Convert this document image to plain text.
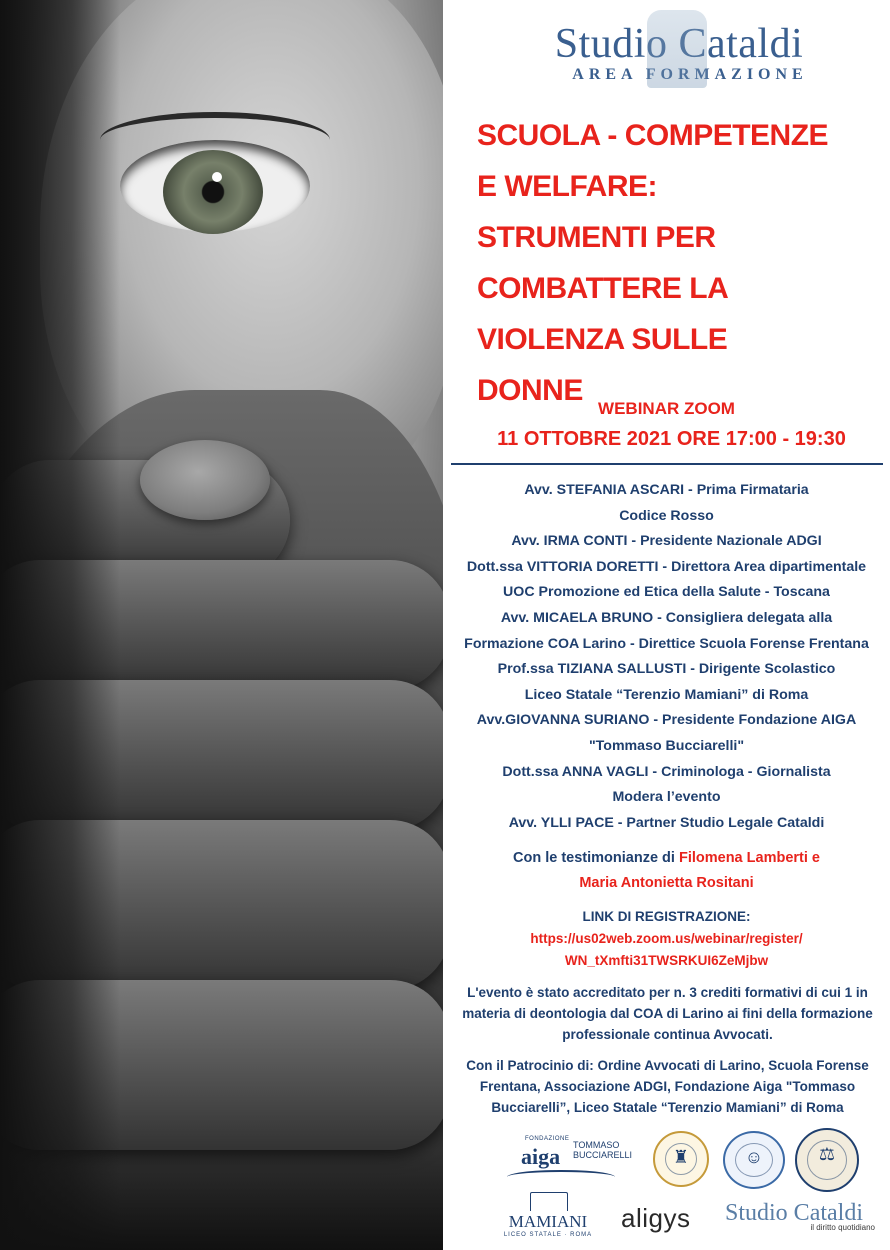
Studio Cataldi
AREA FORMAZIONE
SCUOLA - COMPETENZE
E WELFARE:
STRUMENTI PER
COMBATTERE LA
VIOLENZA SULLE
DONNE
WEBINAR ZOOM
11 OTTOBRE 2021 ORE 17:00 - 19:30
Avv. STEFANIA ASCARI - Prima Firmataria
Codice Rosso
Avv. IRMA CONTI - Presidente Nazionale ADGI
Dott.ssa VITTORIA DORETTI - Direttora Area dipartimentale
UOC Promozione ed Etica della Salute - Toscana
Avv. MICAELA BRUNO - Consigliera delegata alla
Formazione COA Larino - Direttice Scuola Forense Frentana
Prof.ssa TIZIANA SALLUSTI - Dirigente Scolastico
Liceo Statale “Terenzio Mamiani” di Roma
Avv.GIOVANNA SURIANO - Presidente Fondazione AIGA
"Tommaso Bucciarelli"
Dott.ssa ANNA VAGLI - Criminologa - Giornalista
Modera l’evento
Avv. YLLI PACE - Partner Studio Legale Cataldi
Con le testimonianze di Filomena Lamberti e
Maria Antonietta Rositani
LINK DI REGISTRAZIONE:
https://us02web.zoom.us/webinar/register/
WN_tXmfti31TWSRKUI6ZeMjbw
L'evento è stato accreditato per n. 3 crediti formativi di cui 1 in materia di deontologia dal COA di Larino ai fini della formazione professionale continua Avvocati.
Con il Patrocinio di: Ordine Avvocati di Larino, Scuola Forense Frentana, Associazione ADGI, Fondazione Aiga "Tommaso Bucciarelli”, Liceo Statale “Terenzio Mamiani” di Roma
FONDAZIONE
aiga TOMMASO
BUCCIARELLI	♜	☺	⚖
MAMIANI
LICEO STATALE · ROMA
aligys Studio Cataldi
il diritto quotidiano
